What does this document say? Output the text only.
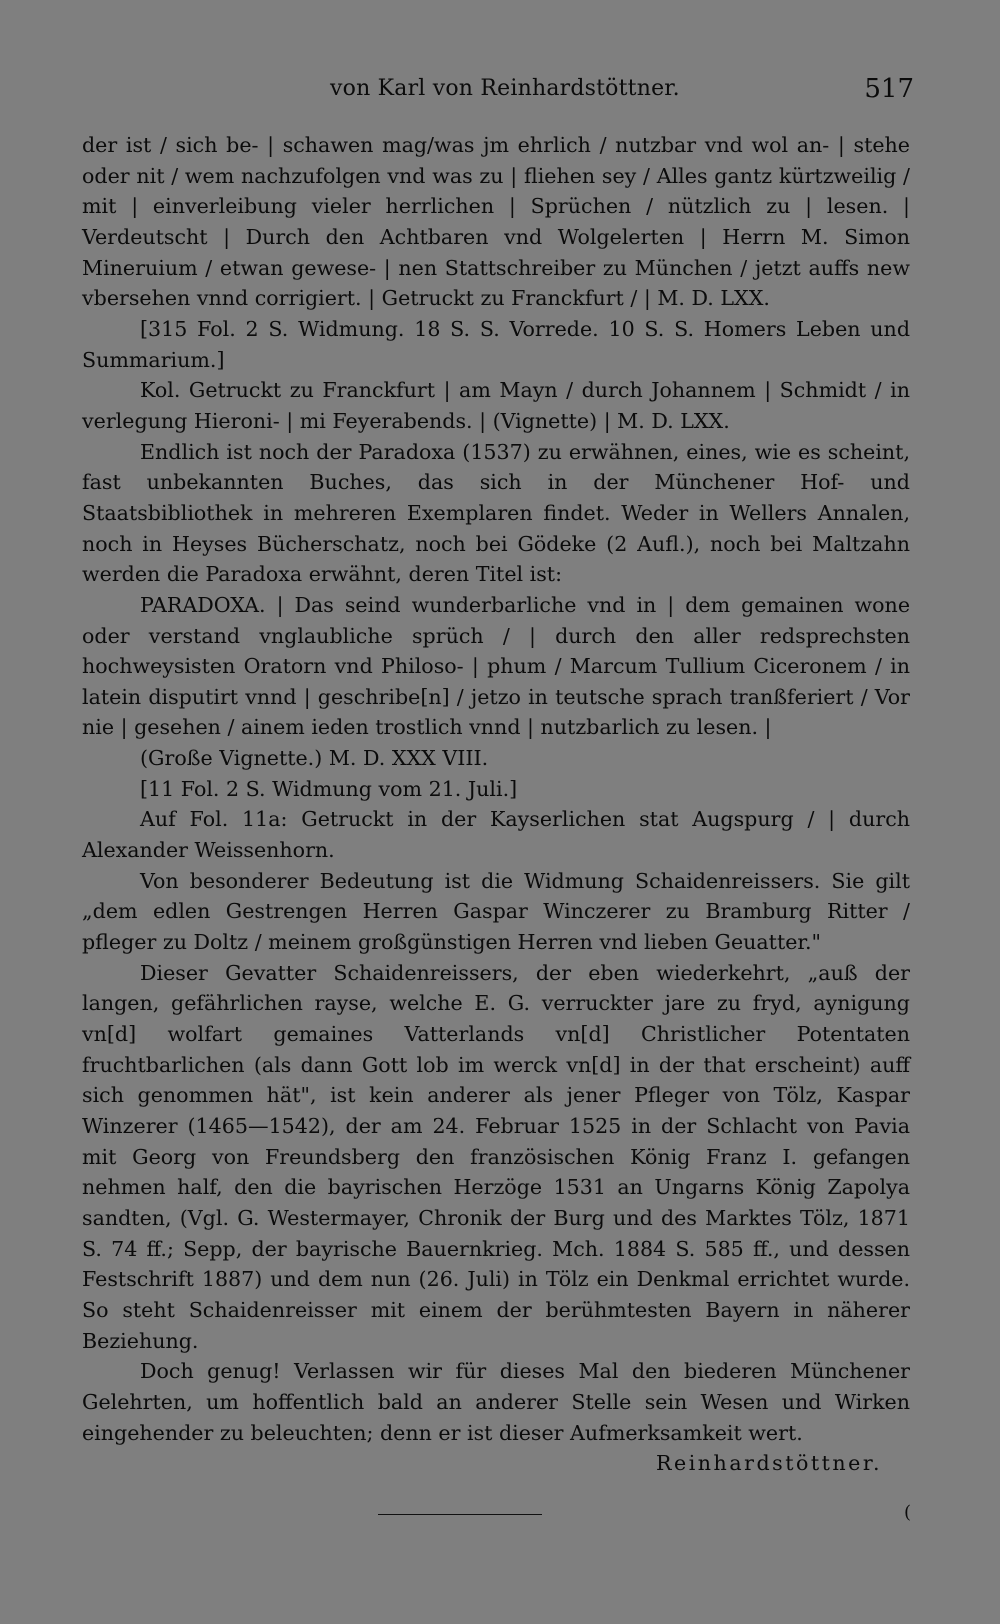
von Karl von Reinhardstöttner.	517

der ist / sich be- | schawen mag/was jm ehrlich / nutzbar vnd wol an- | stehe oder nit / wem nachzufolgen vnd was zu | fliehen sey / Alles gantz kürtzweilig / mit | einverleibung vieler herrlichen | Sprüchen / nützlich zu | lesen. | Verdeutscht | Durch den Achtbaren vnd Wolgelerten | Herrn M. Simon Mineruium / etwan gewese- | nen Stattschreiber zu München / jetzt auffs new vbersehen vnnd corrigiert. | Getruckt zu Franckfurt / | M. D. LXX.

[315 Fol. 2 S. Widmung. 18 S. S. Vorrede. 10 S. S. Homers Leben und Summarium.]

Kol. Getruckt zu Franckfurt | am Mayn / durch Johannem | Schmidt / in verlegung Hieroni- | mi Feyerabends. | (Vignette) | M. D. LXX.

Endlich ist noch der Paradoxa (1537) zu erwähnen, eines, wie es scheint, fast unbekannten Buches, das sich in der Münchener Hof- und Staatsbibliothek in mehreren Exemplaren findet. Weder in Wellers Annalen, noch in Heyses Bücherschatz, noch bei Gödeke (2 Aufl.), noch bei Maltzahn werden die Paradoxa erwähnt, deren Titel ist:

PARADOXA. | Das seind wunderbarliche vnd in | dem gemainen wone oder verstand vnglaubliche sprüch / | durch den aller redsprechsten hochweysisten Oratorn vnd Philoso- | phum / Marcum Tullium Ciceronem / in latein disputirt vnnd | geschribe[n] / jetzo in teutsche sprach tranßferiert / Vor nie | gesehen / ainem ieden trostlich vnnd | nutzbarlich zu lesen. |

(Große Vignette.) M. D. XXX VIII.

[11 Fol. 2 S. Widmung vom 21. Juli.]

Auf Fol. 11a: Getruckt in der Kayserlichen stat Augspurg / | durch Alexander Weissenhorn.

Von besonderer Bedeutung ist die Widmung Schaidenreissers. Sie gilt „dem edlen Gestrengen Herren Gaspar Winczerer zu Bramburg Ritter / pfleger zu Doltz / meinem großgünstigen Herren vnd lieben Geuatter."

Dieser Gevatter Schaidenreissers, der eben wiederkehrt, „auß der langen, gefährlichen rayse, welche E. G. verruckter jare zu fryd, aynigung vn[d] wolfart gemaines Vatterlands vn[d] Christlicher Potentaten fruchtbarlichen (als dann Gott lob im werck vn[d] in der that erscheint) auff sich genommen hät", ist kein anderer als jener Pfleger von Tölz, Kaspar Winzerer (1465—1542), der am 24. Februar 1525 in der Schlacht von Pavia mit Georg von Freundsberg den französischen König Franz I. gefangen nehmen half, den die bayrischen Herzöge 1531 an Ungarns König Zapolya sandten, (Vgl. G. Westermayer, Chronik der Burg und des Marktes Tölz, 1871 S. 74 ff.; Sepp, der bayrische Bauernkrieg. Mch. 1884 S. 585 ff., und dessen Festschrift 1887) und dem nun (26. Juli) in Tölz ein Denkmal errichtet wurde. So steht Schaidenreisser mit einem der berühmtesten Bayern in näherer Beziehung.

Doch genug! Verlassen wir für dieses Mal den biederen Münchener Gelehrten, um hoffentlich bald an anderer Stelle sein Wesen und Wirken eingehender zu beleuchten; denn er ist dieser Aufmerksamkeit wert.

Reinhardstöttner.
(
